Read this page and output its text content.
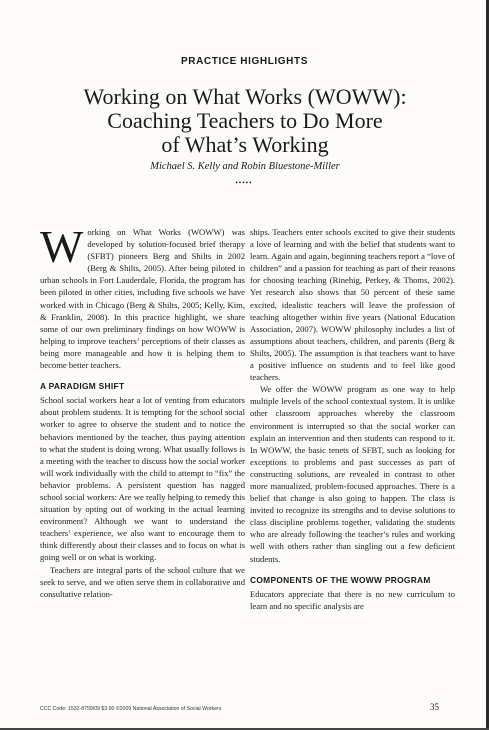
PRACTICE HIGHLIGHTS
Working on What Works (WOWW):
Coaching Teachers to Do More
of What’s Working
Michael S. Kelly and Robin Bluestone-Miller
•••••

Working on What Works (WOWW) was developed by solution-focused brief therapy (SFBT) pioneers Berg and Shilts in 2002 (Berg & Shilts, 2005). After being piloted in urban schools in Fort Lauderdale, Florida, the program has been piloted in other cities, including five schools we have worked with in Chicago (Berg & Shilts, 2005; Kelly, Kim, & Franklin, 2008). In this practice highlight, we share some of our own preliminary findings on how WOWW is helping to improve teachers’ perceptions of their classes as being more manageable and how it is helping them to become better teachers.

A PARADIGM SHIFT

School social workers hear a lot of venting from educators about problem students. It is tempting for the school social worker to agree to observe the student and to notice the behaviors mentioned by the teacher, thus paying attention to what the student is doing wrong. What usually follows is a meeting with the teacher to discuss how the social worker will work individually with the child to attempt to “fix” the behavior problems. A persistent question has nagged school social workers: Are we really helping to remedy this situation by opting out of working in the actual learning environment? Although we want to understand the teachers’ experience, we also want to encourage them to think differently about their classes and to focus on what is going well or on what is working.

Teachers are integral parts of the school culture that we seek to serve, and we often serve them in collaborative and consultative relation-

ships. Teachers enter schools excited to give their students a love of learning and with the belief that students want to learn. Again and again, beginning teachers report a “love of children” and a passion for teaching as part of their reasons for choosing teaching (Rinehig, Perkey, & Thoms, 2002). Yet research also shows that 50 percent of these same excited, idealistic teachers will leave the profession of teaching altogether within five years (National Education Association, 2007). WOWW philosophy includes a list of assumptions about teachers, children, and parents (Berg & Shilts, 2005). The assumption is that teachers want to have a positive influence on students and to feel like good teachers.

We offer the WOWW program as one way to help multiple levels of the school contextual system. It is unlike other classroom approaches whereby the classroom environment is interrupted so that the social worker can explain an intervention and then students can respond to it. In WOWW, the basic tenets of SFBT, such as looking for exceptions to problems and past successes as part of constructing solutions, are revealed in contrast to other more manualized, problem-focused approaches. There is a belief that change is also going to happen. The class is invited to recognize its strengths and to devise solutions to class discipline problems together, validating the students who are already following the teacher’s rules and working well with others rather than singling out a few deficient students.

COMPONENTS OF THE WOWW PROGRAM

Educators appreciate that there is no new curriculum to learn and no specific analysis are

CCC Code: 1532-8759/09 $3.00 ©2009 National Association of Social Workers	35
